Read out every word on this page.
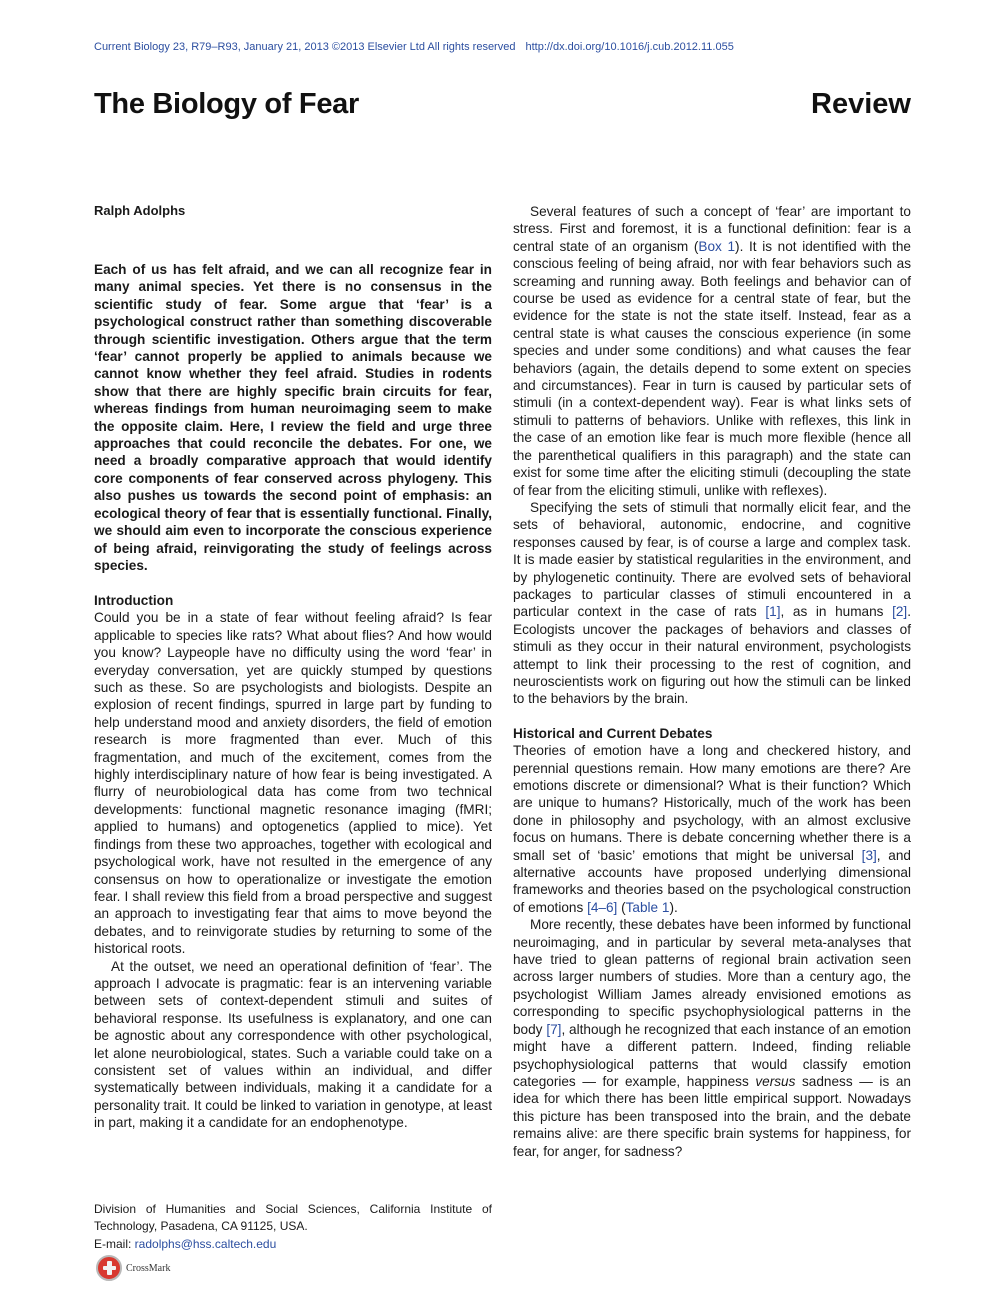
Current Biology 23, R79–R93, January 21, 2013 ©2013 Elsevier Ltd All rights reserved http://dx.doi.org/10.1016/j.cub.2012.11.055
The Biology of Fear	Review
Ralph Adolphs

Each of us has felt afraid, and we can all recognize fear in many animal species. Yet there is no consensus in the scientific study of fear. Some argue that ‘fear’ is a psychological construct rather than something discoverable through scientific investigation. Others argue that the term ‘fear’ cannot properly be applied to animals because we cannot know whether they feel afraid. Studies in rodents show that there are highly specific brain circuits for fear, whereas findings from human neuroimaging seem to make the opposite claim. Here, I review the field and urge three approaches that could reconcile the debates. For one, we need a broadly comparative approach that would identify core components of fear conserved across phylogeny. This also pushes us towards the second point of emphasis: an ecological theory of fear that is essentially functional. Finally, we should aim even to incorporate the conscious experience of being afraid, reinvigorating the study of feelings across species.

Introduction

Could you be in a state of fear without feeling afraid? Is fear applicable to species like rats? What about flies? And how would you know? Laypeople have no difficulty using the word ‘fear’ in everyday conversation, yet are quickly stumped by questions such as these. So are psychologists and biologists. Despite an explosion of recent findings, spurred in large part by funding to help understand mood and anxiety disorders, the field of emotion research is more fragmented than ever. Much of this fragmentation, and much of the excitement, comes from the highly interdisciplinary nature of how fear is being investigated. A flurry of neurobiological data has come from two technical developments: functional magnetic resonance imaging (fMRI; applied to humans) and optogenetics (applied to mice). Yet findings from these two approaches, together with ecological and psychological work, have not resulted in the emergence of any consensus on how to operationalize or investigate the emotion fear. I shall review this field from a broad perspective and suggest an approach to investigating fear that aims to move beyond the debates, and to reinvigorate studies by returning to some of the historical roots.

At the outset, we need an operational definition of ‘fear’. The approach I advocate is pragmatic: fear is an intervening variable between sets of context-dependent stimuli and suites of behavioral response. Its usefulness is explanatory, and one can be agnostic about any correspondence with other psychological, let alone neurobiological, states. Such a variable could take on a consistent set of values within an individual, and differ systematically between individuals, making it a candidate for a personality trait. It could be linked to variation in genotype, at least in part, making it a candidate for an endophenotype.

Several features of such a concept of ‘fear’ are important to stress. First and foremost, it is a functional definition: fear is a central state of an organism (Box 1). It is not identified with the conscious feeling of being afraid, nor with fear behaviors such as screaming and running away. Both feelings and behavior can of course be used as evidence for a central state of fear, but the evidence for the state is not the state itself. Instead, fear as a central state is what causes the conscious experience (in some species and under some conditions) and what causes the fear behaviors (again, the details depend to some extent on species and circumstances). Fear in turn is caused by particular sets of stimuli (in a context-dependent way). Fear is what links sets of stimuli to patterns of behaviors. Unlike with reflexes, this link in the case of an emotion like fear is much more flexible (hence all the parenthetical qualifiers in this paragraph) and the state can exist for some time after the eliciting stimuli (decoupling the state of fear from the eliciting stimuli, unlike with reflexes).

Specifying the sets of stimuli that normally elicit fear, and the sets of behavioral, autonomic, endocrine, and cognitive responses caused by fear, is of course a large and complex task. It is made easier by statistical regularities in the environment, and by phylogenetic continuity. There are evolved sets of behavioral packages to particular classes of stimuli encountered in a particular context in the case of rats [1], as in humans [2]. Ecologists uncover the packages of behaviors and classes of stimuli as they occur in their natural environment, psychologists attempt to link their processing to the rest of cognition, and neuroscientists work on figuring out how the stimuli can be linked to the behaviors by the brain.

Historical and Current Debates

Theories of emotion have a long and checkered history, and perennial questions remain. How many emotions are there? Are emotions discrete or dimensional? What is their function? Which are unique to humans? Historically, much of the work has been done in philosophy and psychology, with an almost exclusive focus on humans. There is debate concerning whether there is a small set of ‘basic’ emotions that might be universal [3], and alternative accounts have proposed underlying dimensional frameworks and theories based on the psychological construction of emotions [4–6] (Table 1).

More recently, these debates have been informed by functional neuroimaging, and in particular by several meta-analyses that have tried to glean patterns of regional brain activation seen across larger numbers of studies. More than a century ago, the psychologist William James already envisioned emotions as corresponding to specific psychophysiological patterns in the body [7], although he recognized that each instance of an emotion might have a different pattern. Indeed, finding reliable psychophysiological patterns that would classify emotion categories — for example, happiness versus sadness — is an idea for which there has been little empirical support. Nowadays this picture has been transposed into the brain, and the debate remains alive: are there specific brain systems for happiness, for fear, for anger, for sadness?

Division of Humanities and Social Sciences, California Institute of Technology, Pasadena, CA 91125, USA.
E-mail: radolphs@hss.caltech.edu
CrossMark
